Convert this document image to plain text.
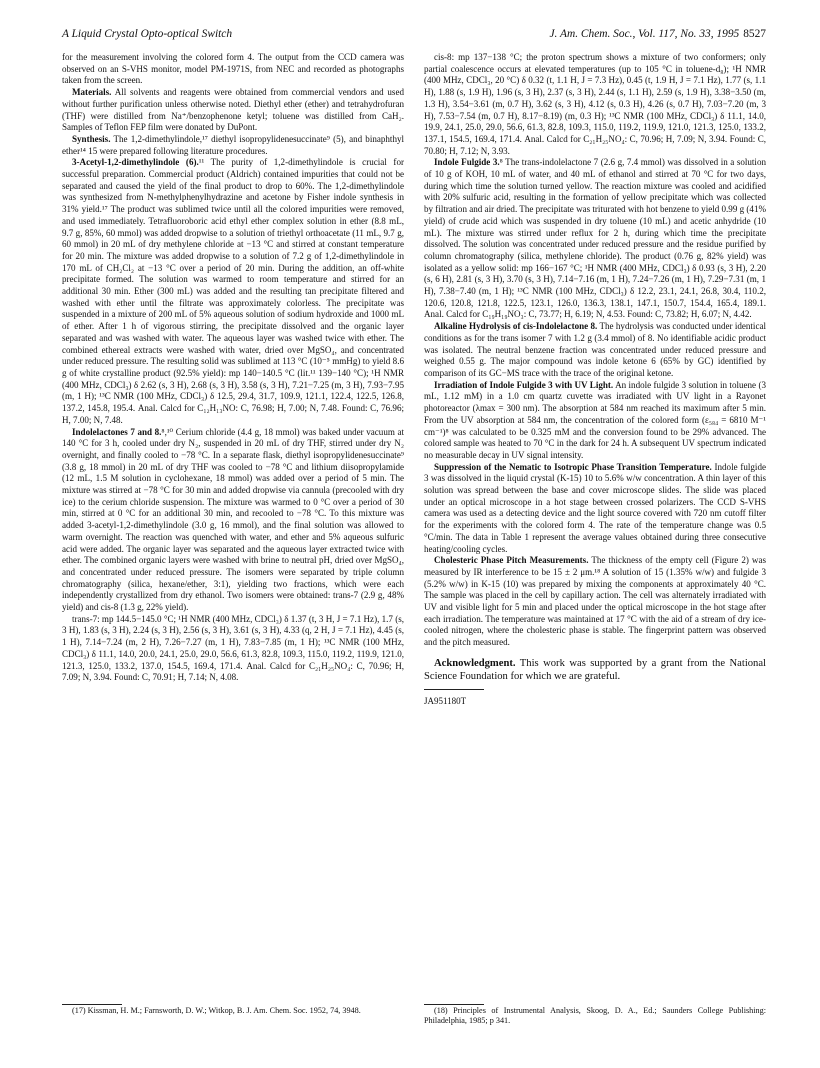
A Liquid Crystal Opto-optical Switch	J. Am. Chem. Soc., Vol. 117, No. 33, 1995 8527

for the measurement involving the colored form 4. The output from the CCD camera was observed on an S-VHS monitor, model PM-1971S, from NEC and recorded as photographs taken from the screen.

Materials. All solvents and reagents were obtained from commercial vendors and used without further purification unless otherwise noted. Diethyl ether (ether) and tetrahydrofuran (THF) were distilled from Na⁺/benzophenone ketyl; toluene was distilled from CaH₂. Samples of Teflon FEP film were donated by DuPont.

Synthesis. The 1,2-dimethylindole,¹⁷ diethyl isopropylidenesuccinate⁹ (5), and binaphthyl ether¹⁴ 15 were prepared following literature procedures.

3-Acetyl-1,2-dimethylindole (6).¹¹ The purity of 1,2-dimethylindole is crucial for successful preparation. Commercial product (Aldrich) contained impurities that could not be separated and caused the yield of the final product to drop to 60%. The 1,2-dimethylindole was synthesized from N-methylphenylhydrazine and acetone by Fisher indole synthesis in 31% yield.¹⁷ The product was sublimed twice until all the colored impurities were removed, and used immediately. Tetrafluoroboric acid ethyl ether complex solution in ether (8.8 mL, 9.7 g, 85%, 60 mmol) was added dropwise to a solution of triethyl orthoacetate (11 mL, 9.7 g, 60 mmol) in 20 mL of dry methylene chloride at −13 °C and stirred at constant temperature for 20 min. The mixture was added dropwise to a solution of 7.2 g of 1,2-dimethylindole in 170 mL of CH₂Cl₂ at −13 °C over a period of 20 min. During the addition, an off-white precipitate formed. The solution was warmed to room temperature and stirred for an additional 30 min. Ether (300 mL) was added and the resulting tan precipitate filtered and washed with ether until the filtrate was approximately colorless. The precipitate was suspended in a mixture of 200 mL of 5% aqueous solution of sodium hydroxide and 1000 mL of ether. After 1 h of vigorous stirring, the precipitate dissolved and the organic layer separated and was washed with water. The aqueous layer was washed twice with ether. The combined ethereal extracts were washed with water, dried over MgSO₄, and concentrated under reduced pressure. The resulting solid was sublimed at 113 °C (10⁻⁵ mmHg) to yield 8.6 g of white crystalline product (92.5% yield): mp 140−140.5 °C (lit.¹¹ 139−140 °C); ¹H NMR (400 MHz, CDCl₃) δ 2.62 (s, 3 H), 2.68 (s, 3 H), 3.58 (s, 3 H), 7.21−7.25 (m, 3 H), 7.93−7.95 (m, 1 H); ¹³C NMR (100 MHz, CDCl₃) δ 12.5, 29.4, 31.7, 109.9, 121.1, 122.4, 122.5, 126.8, 137.2, 145.8, 195.4. Anal. Calcd for C₁₂H₁₃NO: C, 76.98; H, 7.00; N, 7.48. Found: C, 76.96; H, 7.00; N, 7.48.

Indolelactones 7 and 8.⁸,¹⁰ Cerium chloride (4.4 g, 18 mmol) was baked under vacuum at 140 °C for 3 h, cooled under dry N₂, suspended in 20 mL of dry THF, stirred under dry N₂ overnight, and finally cooled to −78 °C. In a separate flask, diethyl isopropylidenesuccinate⁹ (3.8 g, 18 mmol) in 20 mL of dry THF was cooled to −78 °C and lithium diisopropylamide (12 mL, 1.5 M solution in cyclohexane, 18 mmol) was added over a period of 5 min. The mixture was stirred at −78 °C for 30 min and added dropwise via cannula (precooled with dry ice) to the cerium chloride suspension. The mixture was warmed to 0 °C over a period of 30 min, stirred at 0 °C for an additional 30 min, and recooled to −78 °C. To this mixture was added 3-acetyl-1,2-dimethylindole (3.0 g, 16 mmol), and the final solution was allowed to warm overnight. The reaction was quenched with water, and ether and 5% aqueous sulfuric acid were added. The organic layer was separated and the aqueous layer extracted twice with ether. The combined organic layers were washed with brine to neutral pH, dried over MgSO₄, and concentrated under reduced pressure. The isomers were separated by triple column chromatography (silica, hexane/ether, 3:1), yielding two fractions, which were each independently crystallized from dry ethanol. Two isomers were obtained: trans-7 (2.9 g, 48% yield) and cis-8 (1.3 g, 22% yield).

trans-7: mp 144.5−145.0 °C; ¹H NMR (400 MHz, CDCl₃) δ 1.37 (t, 3 H, J = 7.1 Hz), 1.7 (s, 3 H), 1.83 (s, 3 H), 2.24 (s, 3 H), 2.56 (s, 3 H), 3.61 (s, 3 H), 4.33 (q, 2 H, J = 7.1 Hz), 4.45 (s, 1 H), 7.14−7.24 (m, 2 H), 7.26−7.27 (m, 1 H), 7.83−7.85 (m, 1 H); ¹³C NMR (100 MHz, CDCl₃) δ 11.1, 14.0, 20.0, 24.1, 25.0, 29.0, 56.6, 61.3, 82.8, 109.3, 115.0, 119.2, 119.9, 121.0, 121.3, 125.0, 133.2, 137.0, 154.5, 169.4, 171.4. Anal. Calcd for C₂₁H₂₅NO₄: C, 70.96; H, 7.09; N, 3.94. Found: C, 70.91; H, 7.14; N, 4.08.

cis-8: mp 137−138 °C; the proton spectrum shows a mixture of two conformers; only partial coalescence occurs at elevated temperatures (up to 105 °C in toluene-d₈); ¹H NMR (400 MHz, CDCl₃, 20 °C) δ 0.32 (t, 1.1 H, J = 7.3 Hz), 0.45 (t, 1.9 H, J = 7.1 Hz), 1.77 (s, 1.1 H), 1.88 (s, 1.9 H), 1.96 (s, 3 H), 2.37 (s, 3 H), 2.44 (s, 1.1 H), 2.59 (s, 1.9 H), 3.38−3.50 (m, 1.3 H), 3.54−3.61 (m, 0.7 H), 3.62 (s, 3 H), 4.12 (s, 0.3 H), 4.26 (s, 0.7 H), 7.03−7.20 (m, 3 H), 7.53−7.54 (m, 0.7 H), 8.17−8.19) (m, 0.3 H); ¹³C NMR (100 MHz, CDCl₃) δ 11.1, 14.0, 19.9, 24.1, 25.0, 29.0, 56.6, 61.3, 82.8, 109.3, 115.0, 119.2, 119.9, 121.0, 121.3, 125.0, 133.2, 137.1, 154.5, 169.4, 171.4. Anal. Calcd for C₂₁H₂₅NO₄: C, 70.96; H, 7.09; N, 3.94. Found: C, 70.80; H, 7.12; N, 3.93.

Indole Fulgide 3.⁸ The trans-indolelactone 7 (2.6 g, 7.4 mmol) was dissolved in a solution of 10 g of KOH, 10 mL of water, and 40 mL of ethanol and stirred at 70 °C for two days, during which time the solution turned yellow. The reaction mixture was cooled and acidified with 20% sulfuric acid, resulting in the formation of yellow precipitate which was collected by filtration and air dried. The precipitate was triturated with hot benzene to yield 0.99 g (41% yield) of crude acid which was suspended in dry toluene (10 mL) and acetic anhydride (10 mL). The mixture was stirred under reflux for 2 h, during which time the precipitate dissolved. The solution was concentrated under reduced pressure and the residue purified by column chromatography (silica, methylene chloride). The product (0.76 g, 82% yield) was isolated as a yellow solid: mp 166−167 °C; ¹H NMR (400 MHz, CDCl₃) δ 0.93 (s, 3 H), 2.20 (s, 6 H), 2.81 (s, 3 H), 3.70 (s, 3 H), 7.14−7.16 (m, 1 H), 7.24−7.26 (m, 1 H), 7.29−7.31 (m, 1 H), 7.38−7.40 (m, 1 H); ¹³C NMR (100 MHz, CDCl₃) δ 12.2, 23.1, 24.1, 26.8, 30.4, 110.2, 120.6, 120.8, 121.8, 122.5, 123.1, 126.0, 136.3, 138.1, 147.1, 150.7, 154.4, 165.4, 189.1. Anal. Calcd for C₁₉H₁₉NO₃: C, 73.77; H, 6.19; N, 4.53. Found: C, 73.82; H, 6.07; N, 4.42.

Alkaline Hydrolysis of cis-Indolelactone 8. The hydrolysis was conducted under identical conditions as for the trans isomer 7 with 1.2 g (3.4 mmol) of 8. No identifiable acidic product was isolated. The neutral benzene fraction was concentrated under reduced pressure and weighed 0.55 g. The major compound was indole ketone 6 (65% by GC) identified by comparison of its GC−MS trace with the trace of the original ketone.

Irradiation of Indole Fulgide 3 with UV Light. An indole fulgide 3 solution in toluene (3 mL, 1.12 mM) in a 1.0 cm quartz cuvette was irradiated with UV light in a Rayonet photoreactor (λmax = 300 nm). The absorption at 584 nm reached its maximum after 5 min. From the UV absorption at 584 nm, the concentration of the colored form (ε₅₈₄ = 6810 M⁻¹ cm⁻¹)⁸ was calculated to be 0.325 mM and the conversion found to be 29% advanced. The colored sample was heated to 70 °C in the dark for 24 h. A subsequent UV spectrum indicated no measurable decay in UV signal intensity.

Suppression of the Nematic to Isotropic Phase Transition Temperature. Indole fulgide 3 was dissolved in the liquid crystal (K-15) 10 to 5.6% w/w concentration. A thin layer of this solution was spread between the base and cover microscope slides. The slide was placed under an optical microscope in a hot stage between crossed polarizers. The CCD S-VHS camera was used as a detecting device and the light source covered with 720 nm cutoff filter for the experiments with the colored form 4. The rate of the temperature change was 0.5 °C/min. The data in Table 1 represent the average values obtained during three consecutive heating/cooling cycles.

Cholesteric Phase Pitch Measurements. The thickness of the empty cell (Figure 2) was measured by IR interference to be 15 ± 2 μm.¹⁸ A solution of 15 (1.35% w/w) and fulgide 3 (5.2% w/w) in K-15 (10) was prepared by mixing the components at approximately 40 °C. The sample was placed in the cell by capillary action. The cell was alternately irradiated with UV and visible light for 5 min and placed under the optical microscope in the hot stage after each irradiation. The temperature was maintained at 17 °C with the aid of a stream of dry ice-cooled nitrogen, where the cholesteric phase is stable. The fingerprint pattern was observed and the pitch measured.

Acknowledgment. This work was supported by a grant from the National Science Foundation for which we are grateful.

JA951180T

(17) Kissman, H. M.; Farnsworth, D. W.; Witkop, B. J. Am. Chem. Soc. 1952, 74, 3948.	(18) Principles of Instrumental Analysis, Skoog, D. A., Ed.; Saunders College Publishing: Philadelphia, 1985; p 341.
